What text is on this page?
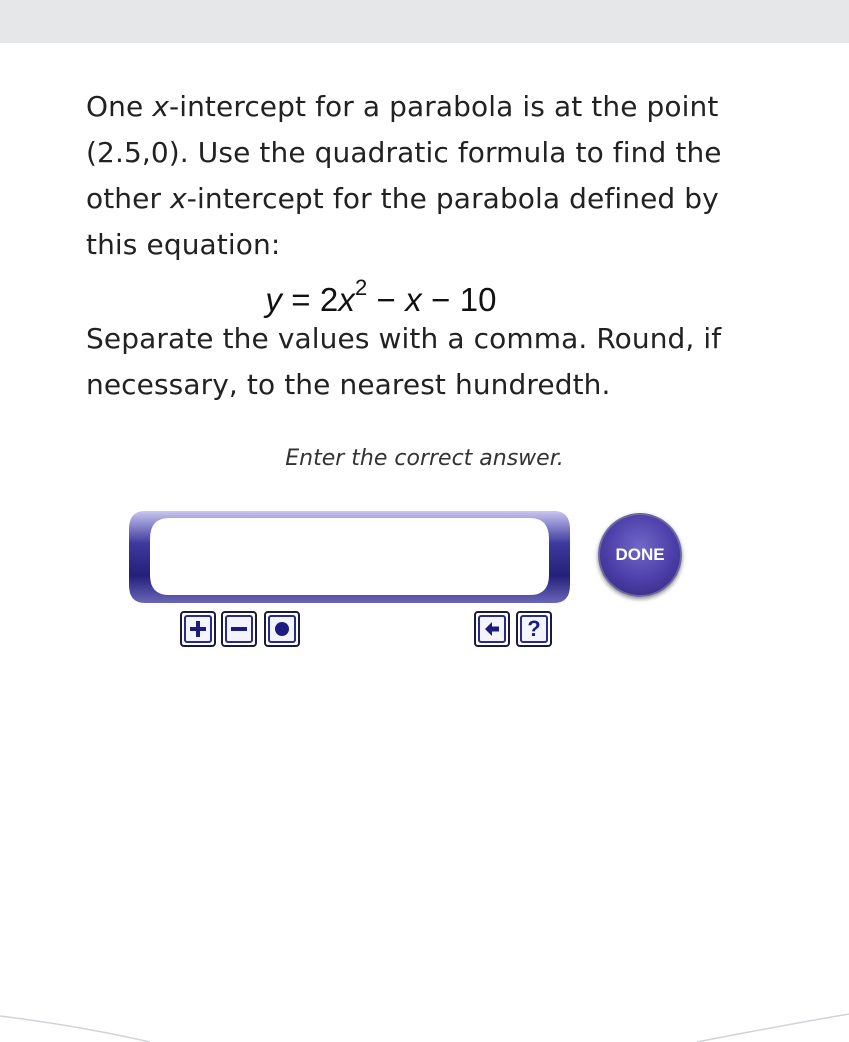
One x-intercept for a parabola is at the point (2.5,0). Use the quadratic formula to find the other x-intercept for the parabola defined by this equation:

$y = 2x^2 - x - 10$

Separate the values with a comma. Round, if necessary, to the nearest hundredth.

Enter the correct answer.
DONE
?
